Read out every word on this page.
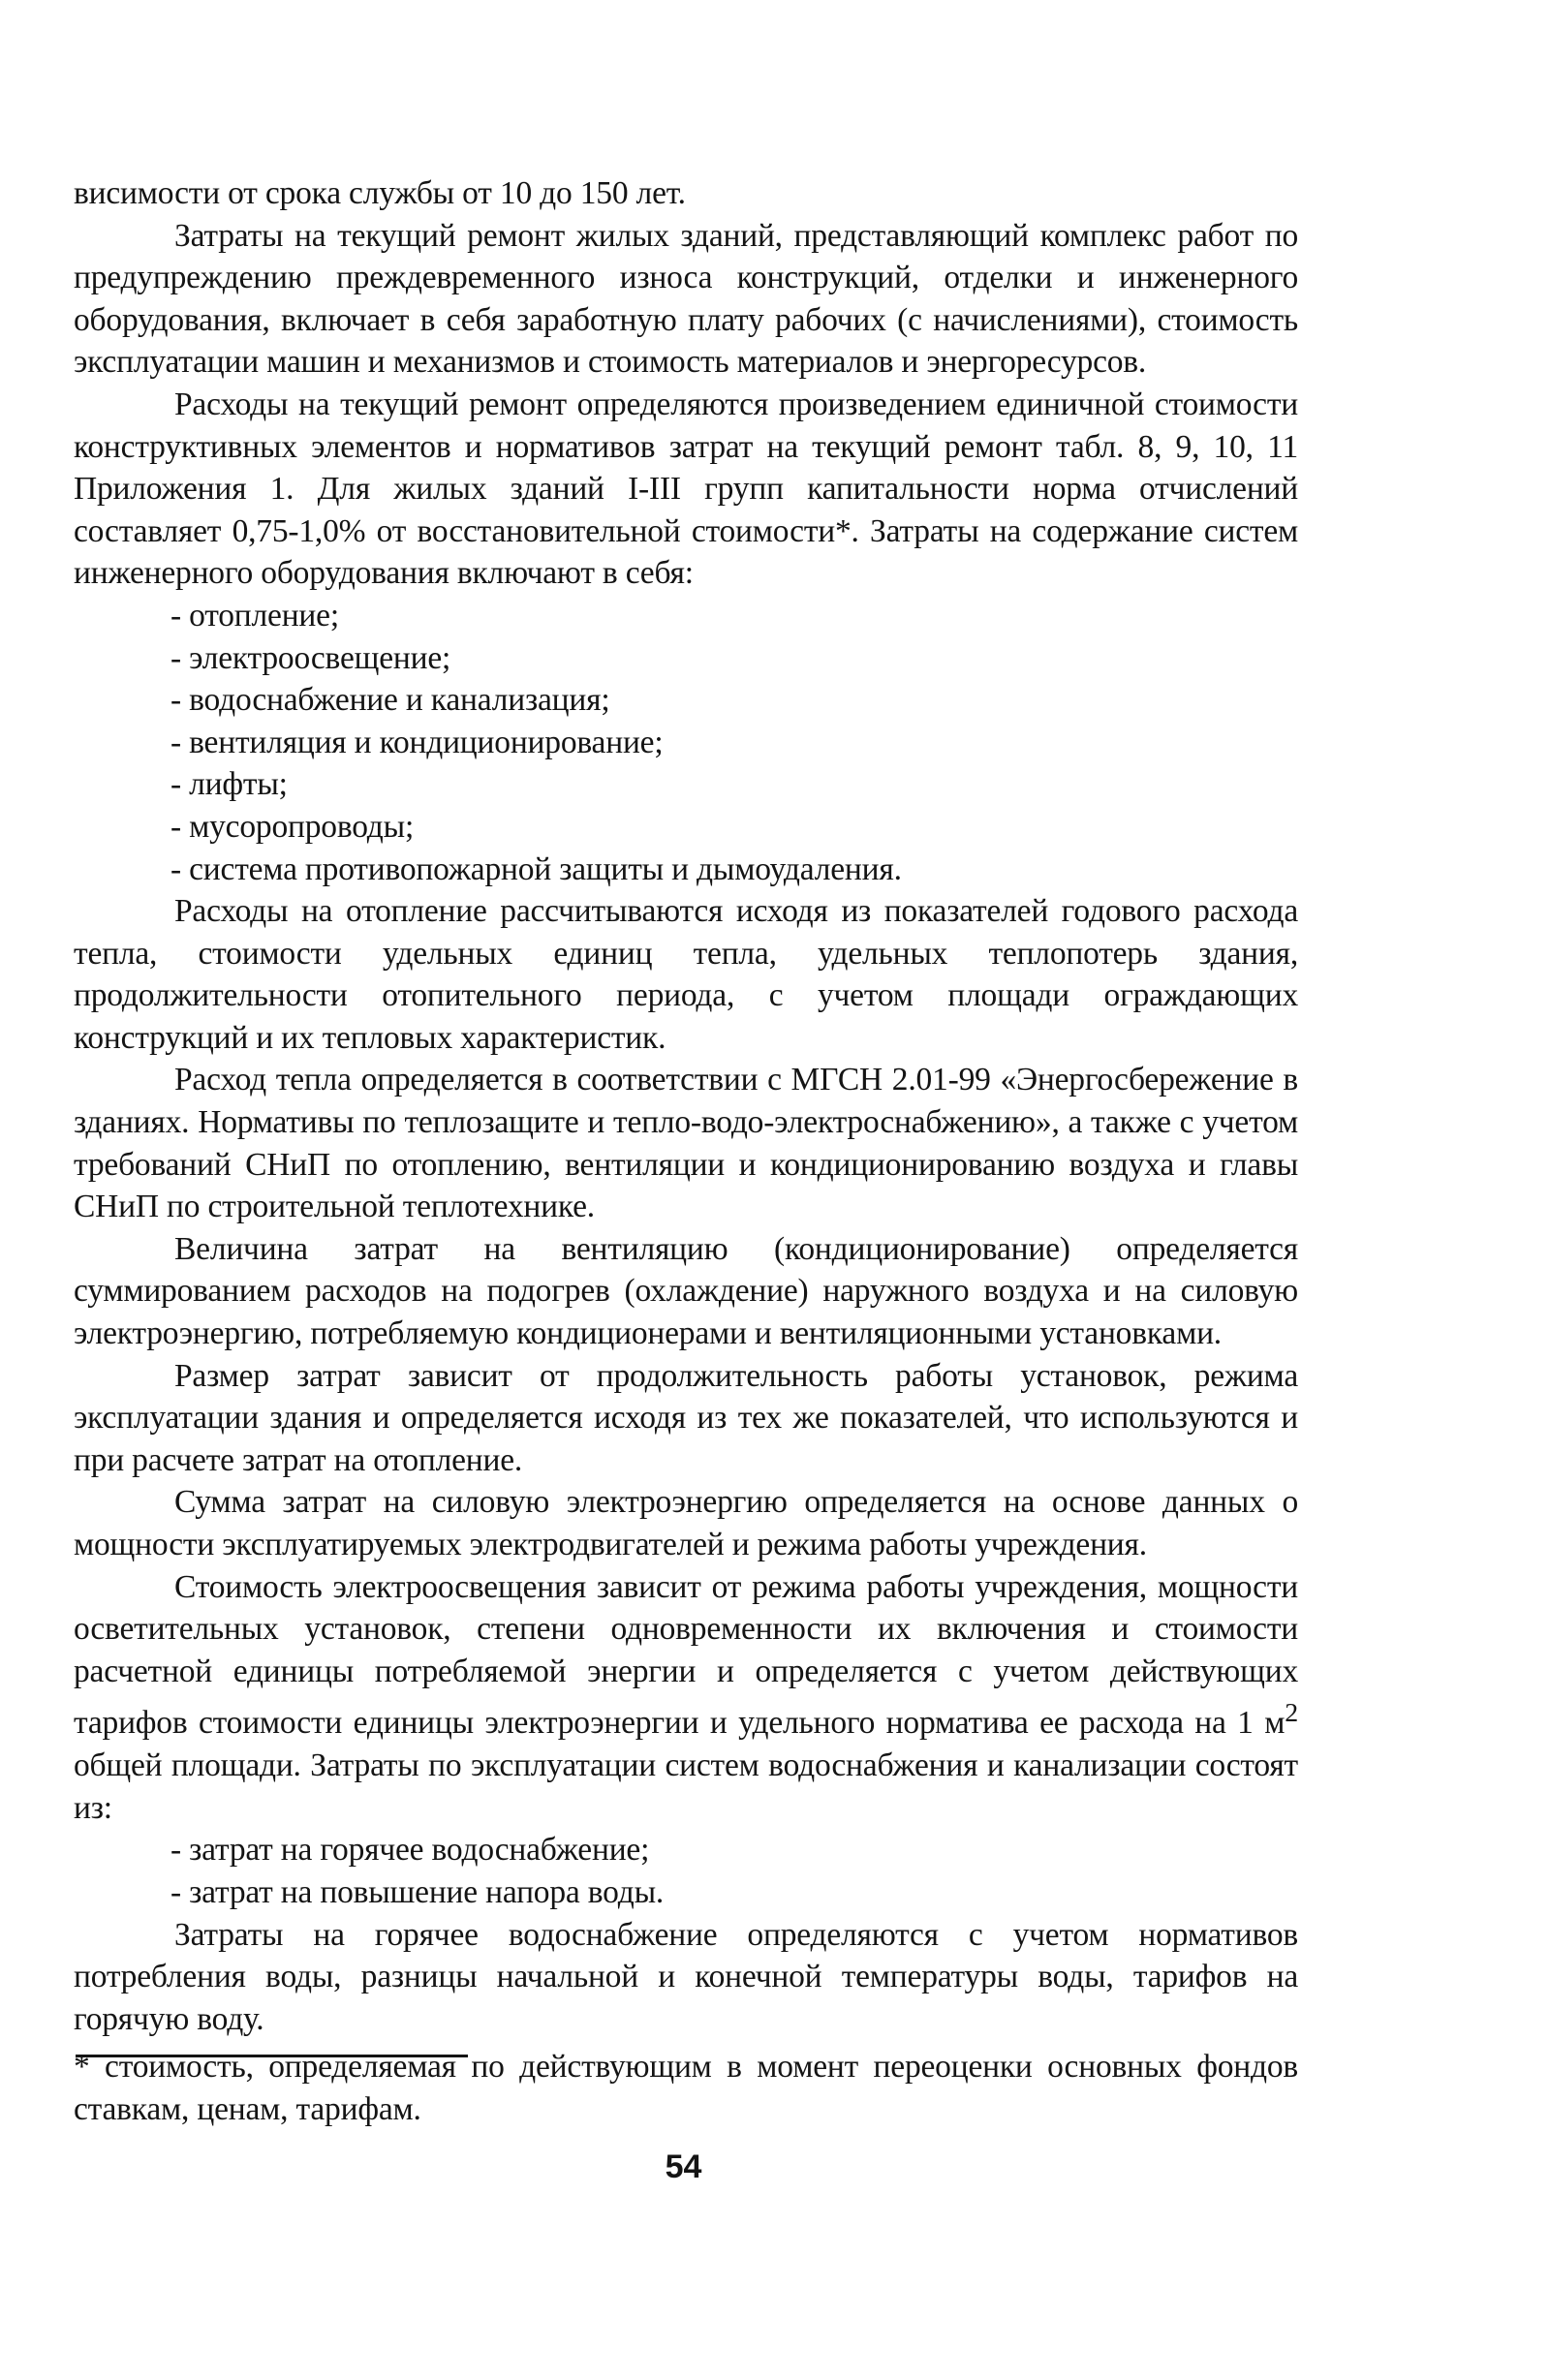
висимости от срока службы от 10 до 150 лет.

Затраты на текущий ремонт жилых зданий, представляющий комплекс работ по предупреждению преждевременного износа конструкций, отделки и инженерного оборудования, включает в себя заработную плату рабочих (с начислениями), стоимость эксплуатации машин и механизмов и стоимость материалов и энергоресурсов.

Расходы на текущий ремонт определяются произведением единичной стоимости конструктивных элементов и нормативов затрат на текущий ремонт табл. 8, 9, 10, 11 Приложения 1. Для жилых зданий I-III групп капитальности норма отчислений составляет 0,75-1,0% от восстановительной стоимости*. Затраты на содержание систем инженерного оборудования включают в себя:

- отопление;
- электроосвещение;
- водоснабжение и канализация;
- вентиляция и кондиционирование;
- лифты;
- мусоропроводы;
- система противопожарной защиты и дымоудаления.

Расходы на отопление рассчитываются исходя из показателей годового расхода тепла, стоимости удельных единиц тепла, удельных теплопотерь здания, продолжительности отопительного периода, с учетом площади ограждающих конструкций и их тепловых характеристик.

Расход тепла определяется в соответствии с МГСН 2.01-99 «Энергосбережение в зданиях. Нормативы по теплозащите и тепло-водо-электроснабжению», а также с учетом требований СНиП по отоплению, вентиляции и кондиционированию воздуха и главы СНиП по строительной теплотехнике.

Величина затрат на вентиляцию (кондиционирование) определяется суммированием расходов на подогрев (охлаждение) наружного воздуха и на силовую электроэнергию, потребляемую кондиционерами и вентиляционными установками.

Размер затрат зависит от продолжительность работы установок, режима эксплуатации здания и определяется исходя из тех же показателей, что используются и при расчете затрат на отопление.

Сумма затрат на силовую электроэнергию определяется на основе данных о мощности эксплуатируемых электродвигателей и режима работы учреждения.

Стоимость электроосвещения зависит от режима работы учреждения, мощности осветительных установок, степени одновременности их включения и стоимости расчетной единицы потребляемой энергии и определяется с учетом действующих тарифов стоимости единицы электроэнергии и удельного норматива ее расхода на 1 $м^2$ общей площади. Затраты по эксплуатации систем водоснабжения и канализации состоят из:

- затрат на горячее водоснабжение;
- затрат на повышение напора воды.

Затраты на горячее водоснабжение определяются с учетом нормативов потребления воды, разницы начальной и конечной температуры воды, тарифов на горячую воду.

* стоимость, определяемая по действующим в момент переоценки основных фондов ставкам, ценам, тарифам.
54
